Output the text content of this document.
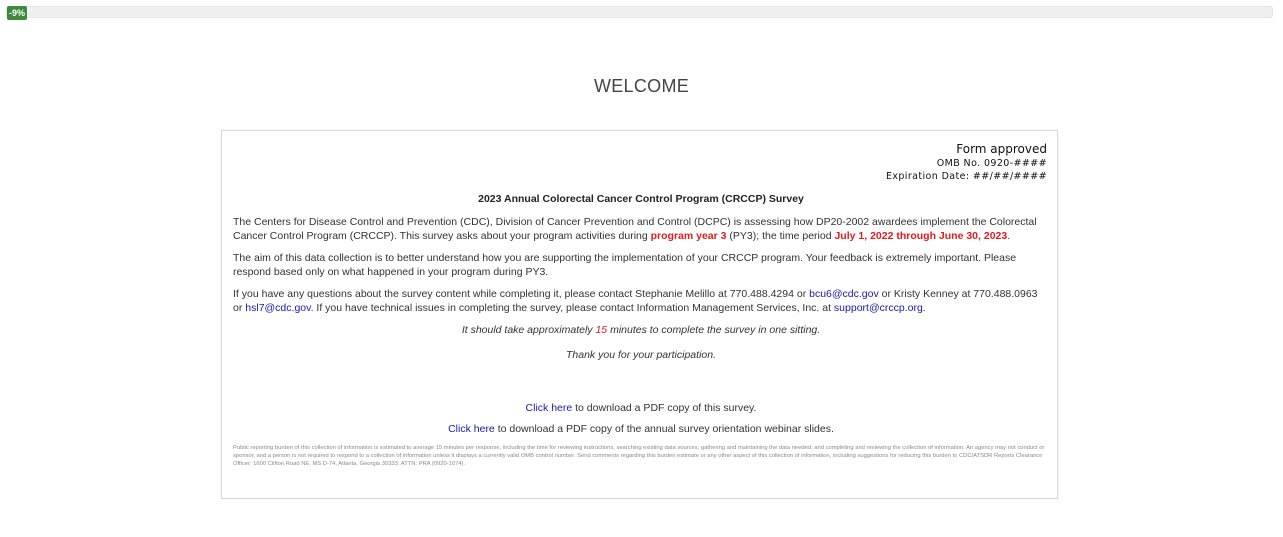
-9%
WELCOME
Form approved
OMB No. 0920-####
Expiration Date: ##/##/####
2023 Annual Colorectal Cancer Control Program (CRCCP) Survey

The Centers for Disease Control and Prevention (CDC), Division of Cancer Prevention and Control (DCPC) is assessing how DP20-2002 awardees implement the Colorectal Cancer Control Program (CRCCP). This survey asks about your program activities during program year 3 (PY3); the time period July 1, 2022 through June 30, 2023.

The aim of this data collection is to better understand how you are supporting the implementation of your CRCCP program. Your feedback is extremely important. Please respond based only on what happened in your program during PY3.

If you have any questions about the survey content while completing it, please contact Stephanie Melillo at 770.488.4294 or bcu6@cdc.gov or Kristy Kenney at 770.488.0963 or hsl7@cdc.gov. If you have technical issues in completing the survey, please contact Information Management Services, Inc. at support@crccp.org.

It should take approximately 15 minutes to complete the survey in one sitting.

Thank you for your participation.

Click here to download a PDF copy of this survey.

Click here to download a PDF copy of the annual survey orientation webinar slides.

Public reporting burden of this collection of information is estimated to average 15 minutes per response, including the time for reviewing instructions, searching existing data sources, gathering and maintaining the data needed, and completing and reviewing the collection of information. An agency may not conduct or sponsor, and a person is not required to respond to a collection of information unless it displays a currently valid OMB control number. Send comments regarding this burden estimate or any other aspect of this collection of information, including suggestions for reducing this burden to CDC/ATSDR Reports Clearance Officer; 1600 Clifton Road NE, MS D-74, Atlanta, Georgia 30333; ATTN: PRA (0920-1074).
